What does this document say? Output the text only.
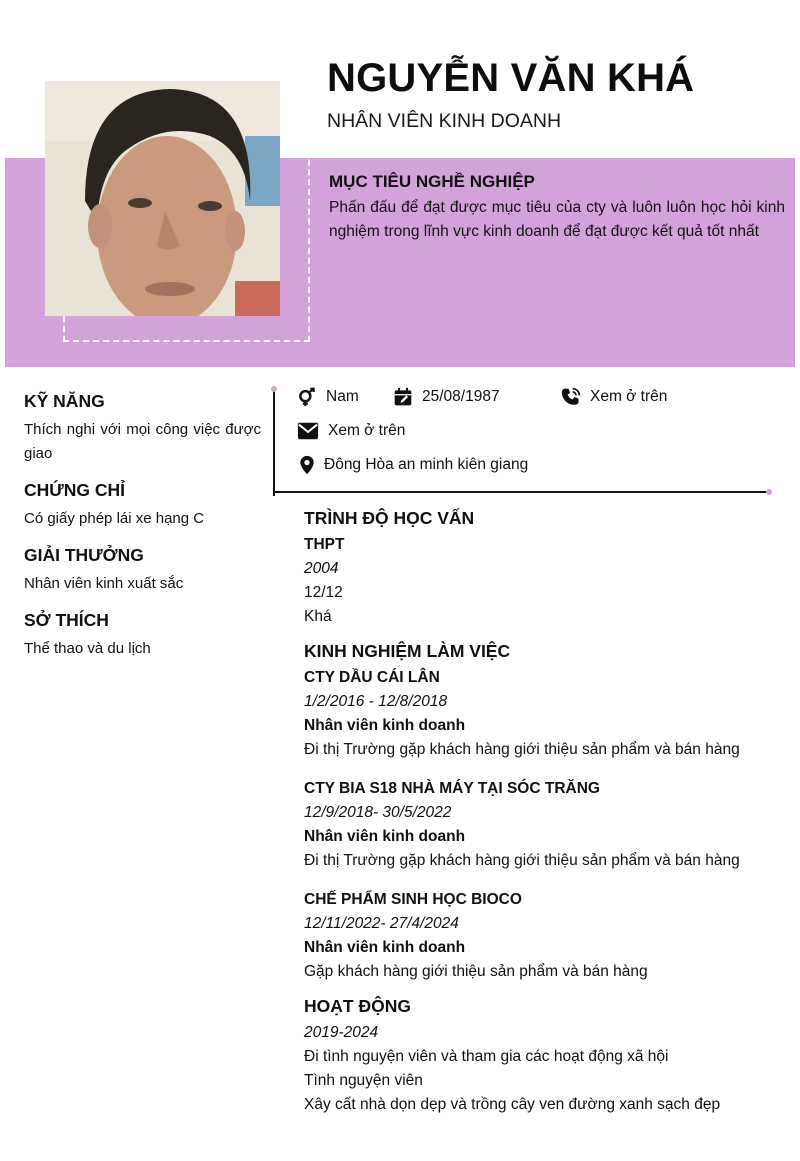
NGUYỄN VĂN KHÁ
NHÂN VIÊN KINH DOANH
MỤC TIÊU NGHỀ NGHIỆP

Phấn đấu để đạt được mục tiêu của cty và luôn luôn học hỏi kinh nghiệm trong lĩnh vực kinh doanh để đạt được kết quả tốt nhất

KỸ NĂNG

Thích nghi với mọi công việc được giao

CHỨNG CHỈ

Có giấy phép lái xe hạng C

GIẢI THƯỞNG

Nhân viên kinh xuất sắc

SỞ THÍCH

Thể thao và du lịch

Nam	25/08/1987	Xem ở trên
Xem ở trên
Đông Hòa an minh kiên giang
TRÌNH ĐỘ HỌC VẤN
THPT
2004
12/12
Khá
KINH NGHIỆM LÀM VIỆC
CTY DẦU CÁI LÂN
1/2/2016 - 12/8/2018
Nhân viên kinh doanh
Đi thị Trường gặp khách hàng giới thiệu sản phẩm và bán hàng
CTY BIA S18 NHÀ MÁY TẠI SÓC TRĂNG
12/9/2018- 30/5/2022
Nhân viên kinh doanh
Đi thị Trường gặp khách hàng giới thiệu sản phẩm và bán hàng
CHẾ PHẨM SINH HỌC BIOCO
12/11/2022- 27/4/2024
Nhân viên kinh doanh
Gặp khách hàng giới thiệu sản phẩm và bán hàng
HOẠT ĐỘNG
2019-2024
Đi tình nguyện viên và tham gia các hoạt động xã hội
Tình nguyện viên
Xây cất nhà dọn dẹp và trồng cây ven đường xanh sạch đẹp
